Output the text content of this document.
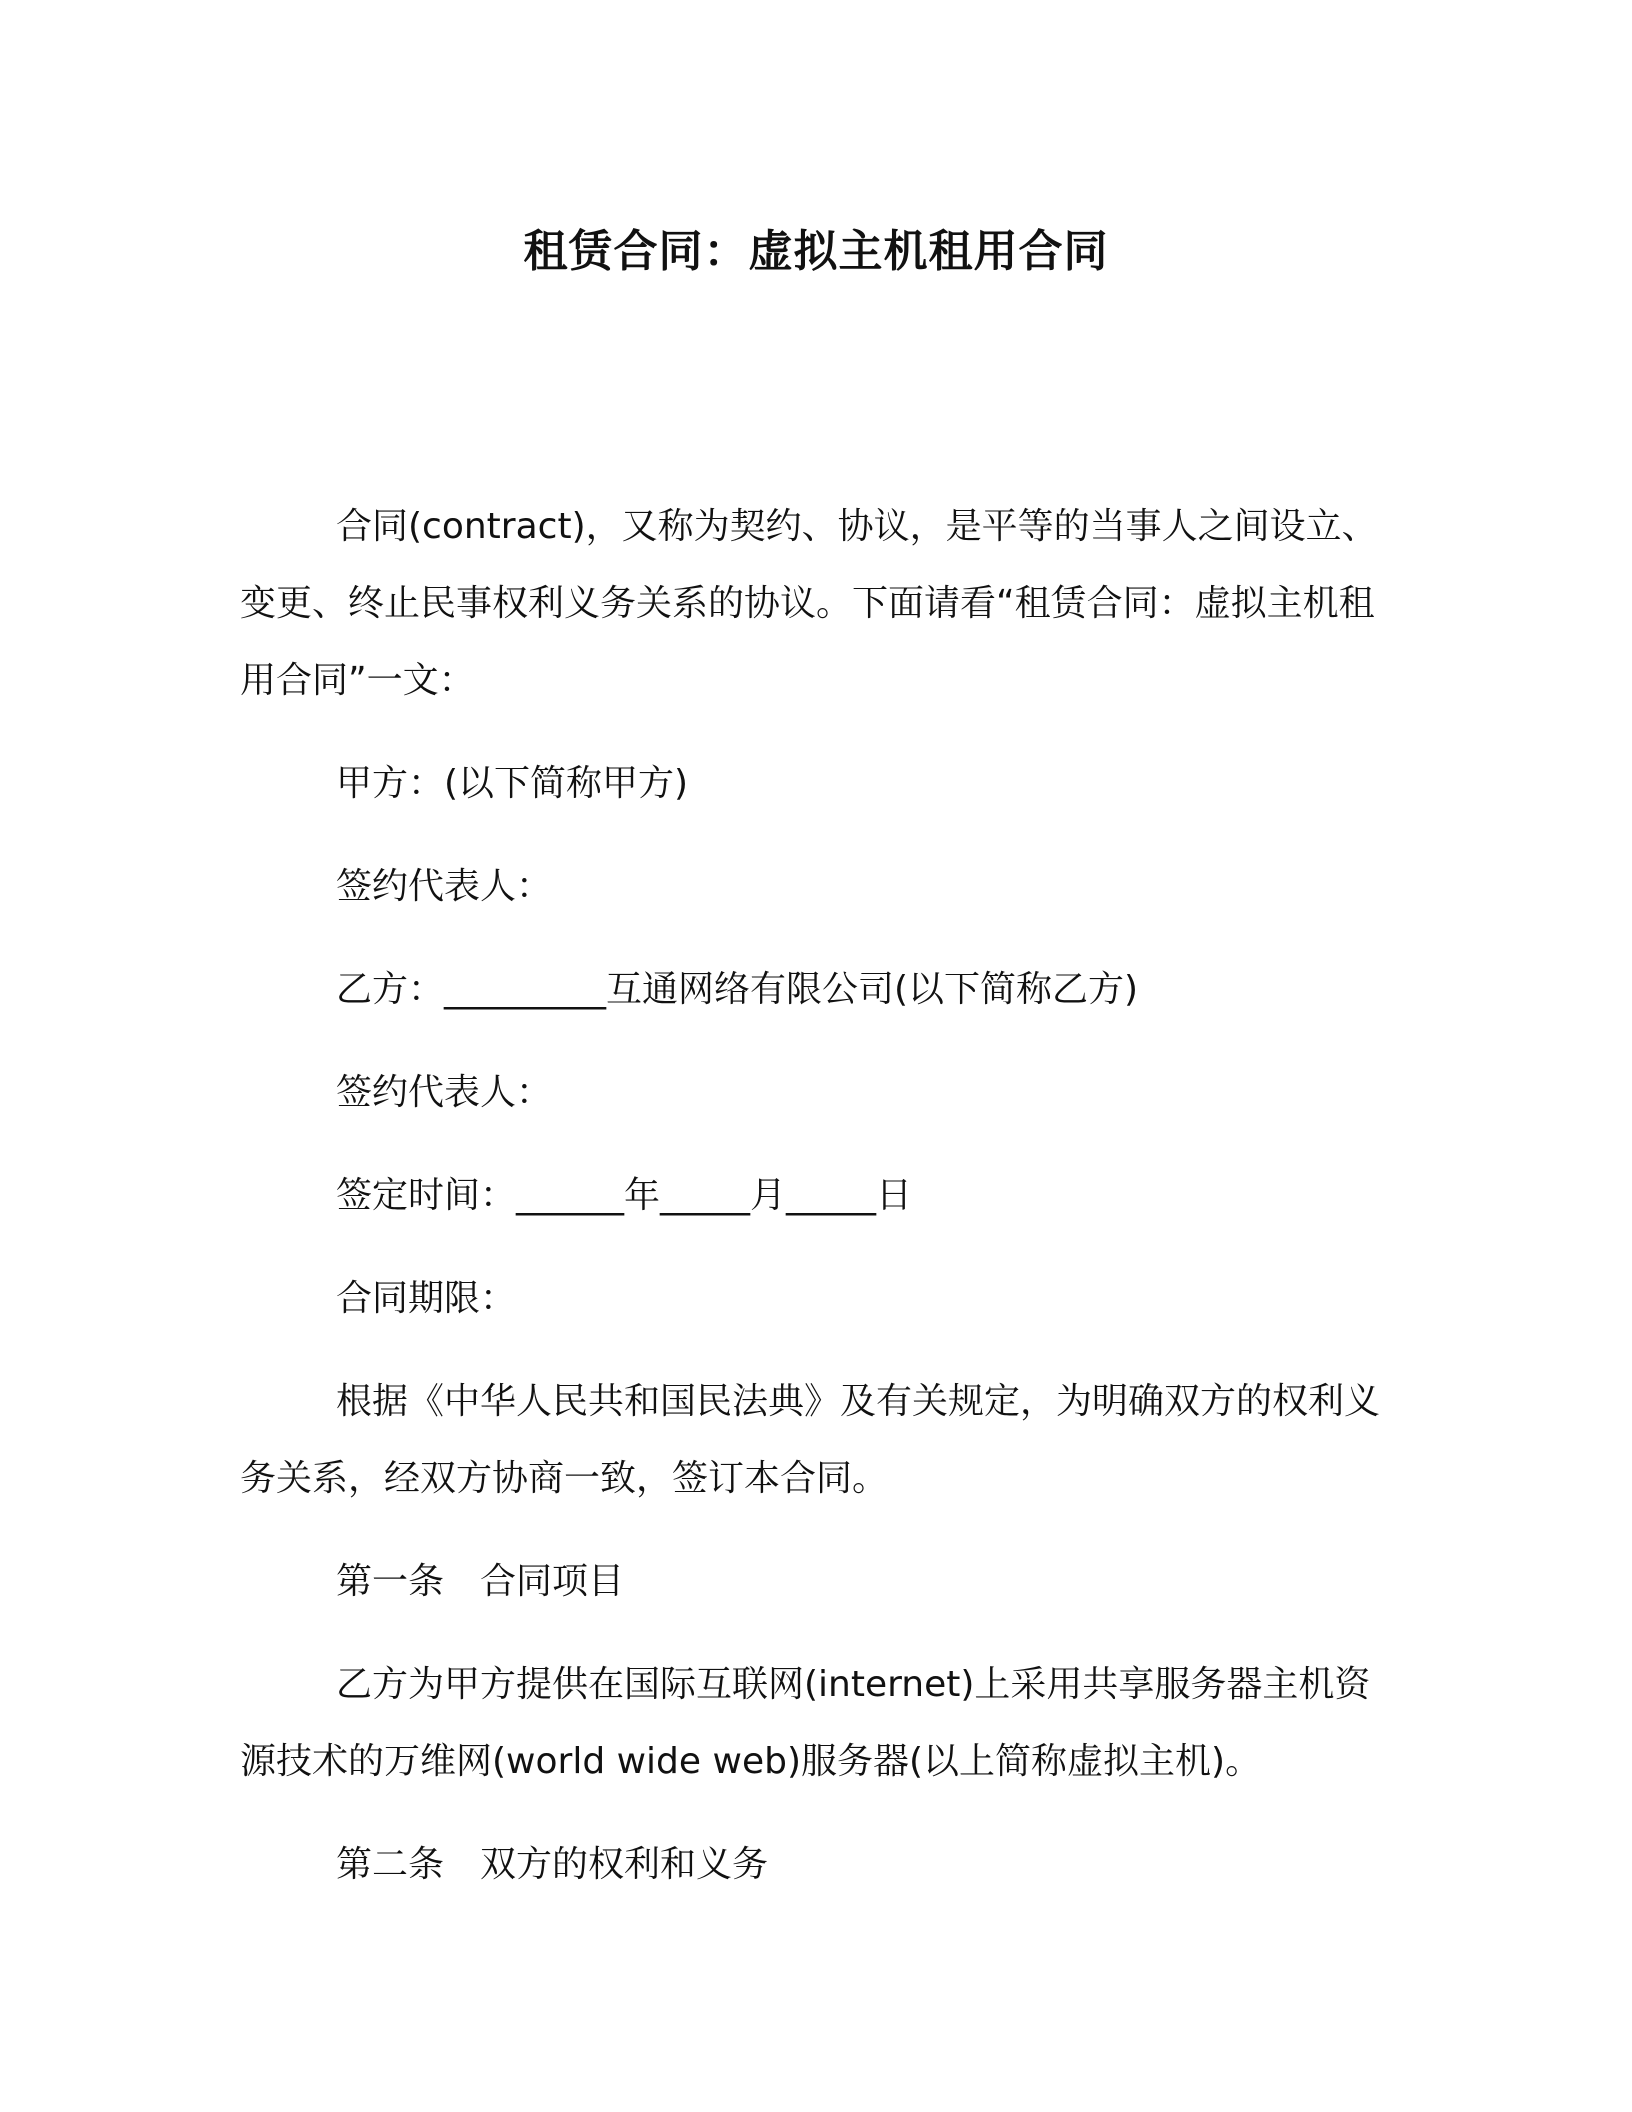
租赁合同：虚拟主机租用合同

合同(contract)，又称为契约、协议，是平等的当事人之间设立、变更、终止民事权利义务关系的协议。下面请看“租赁合同：虚拟主机租用合同”一文：

甲方：(以下简称甲方)

签约代表人：

乙方：_________互通网络有限公司(以下简称乙方)

签约代表人：

签定时间：______年_____月_____日

合同期限：

根据《中华人民共和国民法典》及有关规定，为明确双方的权利义务关系，经双方协商一致，签订本合同。

第一条　合同项目

乙方为甲方提供在国际互联网(internet)上采用共享服务器主机资源技术的万维网(world wide web)服务器(以上简称虚拟主机)。

第二条　双方的权利和义务
